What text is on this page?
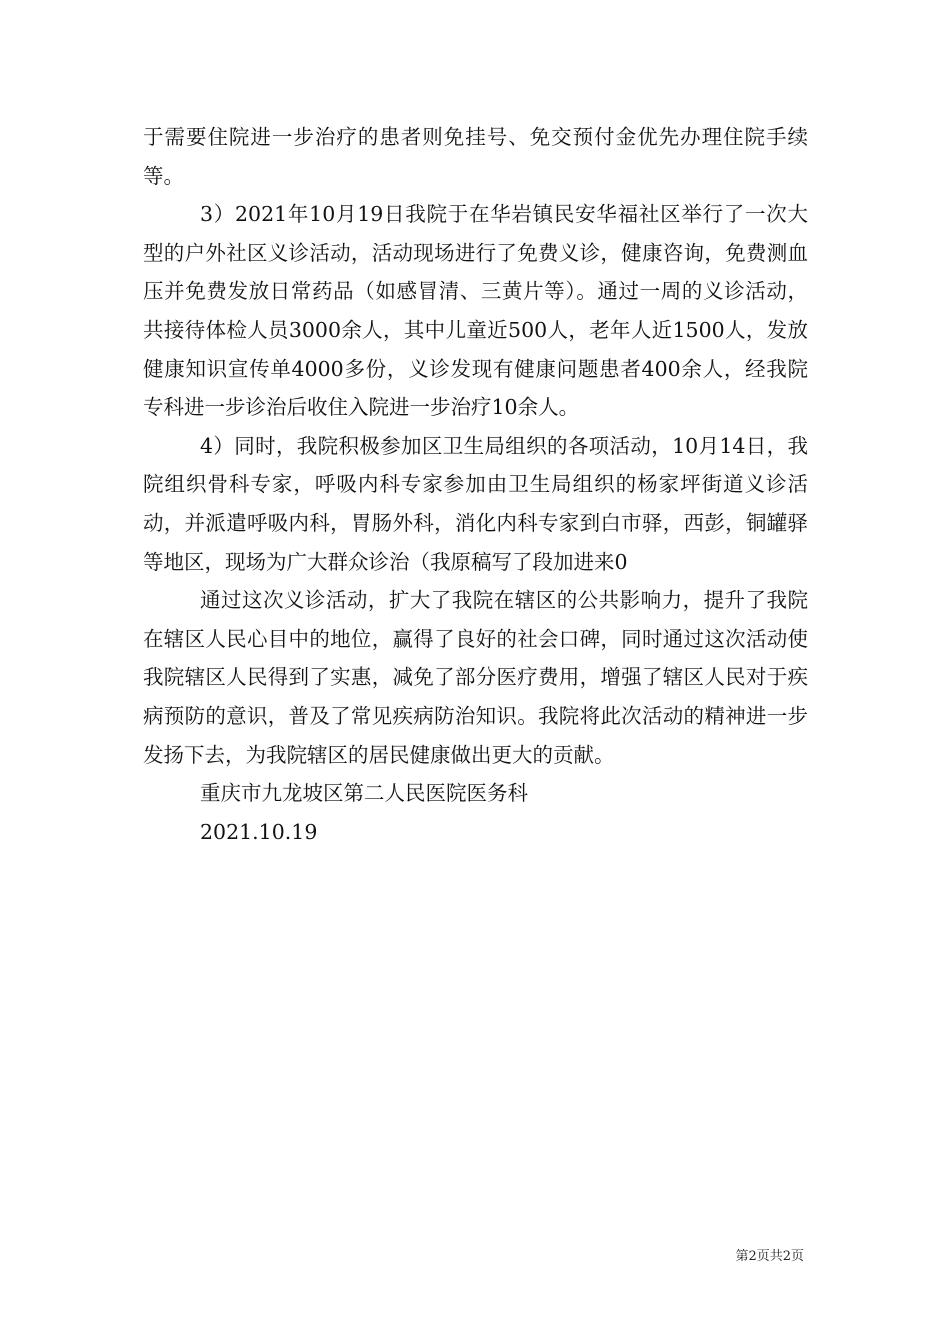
于需要住院进一步治疗的患者则免挂号、免交预付金优先办理住院手续等。

3）2021年10月19日我院于在华岩镇民安华福社区举行了一次大型的户外社区义诊活动，活动现场进行了免费义诊，健康咨询，免费测血压并免费发放日常药品（如感冒清、三黄片等）。通过一周的义诊活动，共接待体检人员3000余人，其中儿童近500人，老年人近1500人，发放健康知识宣传单4000多份，义诊发现有健康问题患者400余人，经我院专科进一步诊治后收住入院进一步治疗10余人。

4）同时，我院积极参加区卫生局组织的各项活动，10月14日，我院组织骨科专家，呼吸内科专家参加由卫生局组织的杨家坪街道义诊活动，并派遣呼吸内科，胃肠外科，消化内科专家到白市驿，西彭，铜罐驿等地区，现场为广大群众诊治（我原稿写了段加进来0

通过这次义诊活动，扩大了我院在辖区的公共影响力，提升了我院在辖区人民心目中的地位，赢得了良好的社会口碑，同时通过这次活动使我院辖区人民得到了实惠，减免了部分医疗费用，增强了辖区人民对于疾病预防的意识，普及了常见疾病防治知识。我院将此次活动的精神进一步发扬下去，为我院辖区的居民健康做出更大的贡献。

重庆市九龙坡区第二人民医院医务科

2021.10.19

第2页共2页
